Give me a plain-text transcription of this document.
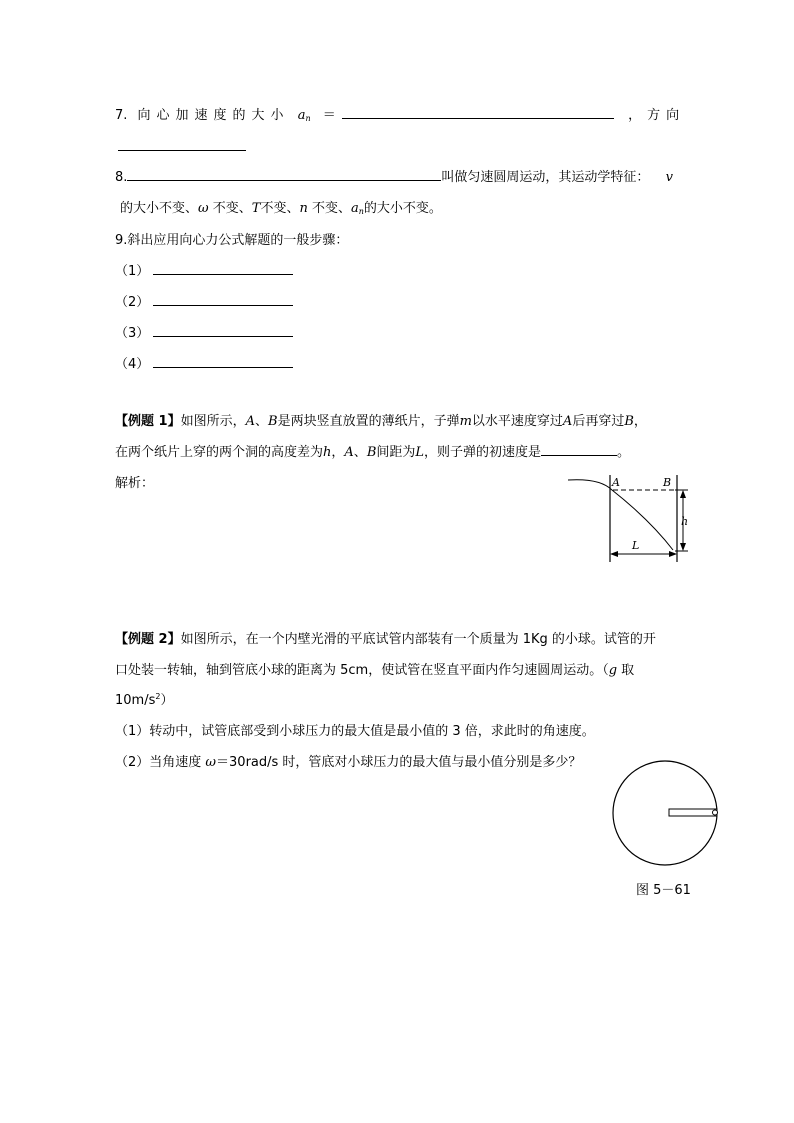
7. 向心加速度的大小 $a_n$ ＝	，方向
8.	叫做匀速圆周运动，其运动学特征： v
的大小不变、ω 不变、T不变、n 不变、$a_n$的大小不变。
9.斜出应用向心力公式解题的一般步骤：
（1）
（2）
（3）
（4）
【例题 1】如图所示，A、B是两块竖直放置的薄纸片，子弹m以水平速度穿过A后再穿过B，
在两个纸片上穿的两个洞的高度差为h，A、B间距为L，则子弹的初速度是	。
解析：	A	B
h
L
【例题 2】如图所示，在一个内壁光滑的平底试管内部装有一个质量为 1Kg 的小球。试管的开
口处装一转轴，轴到管底小球的距离为 5cm，使试管在竖直平面内作匀速圆周运动。（g 取
$10m/s^2$）
（1）转动中，试管底部受到小球压力的最大值是最小值的 3 倍，求此时的角速度。
（2）当角速度 ω＝30rad/s 时，管底对小球压力的最大值与最小值分别是多少？
图 5－61
